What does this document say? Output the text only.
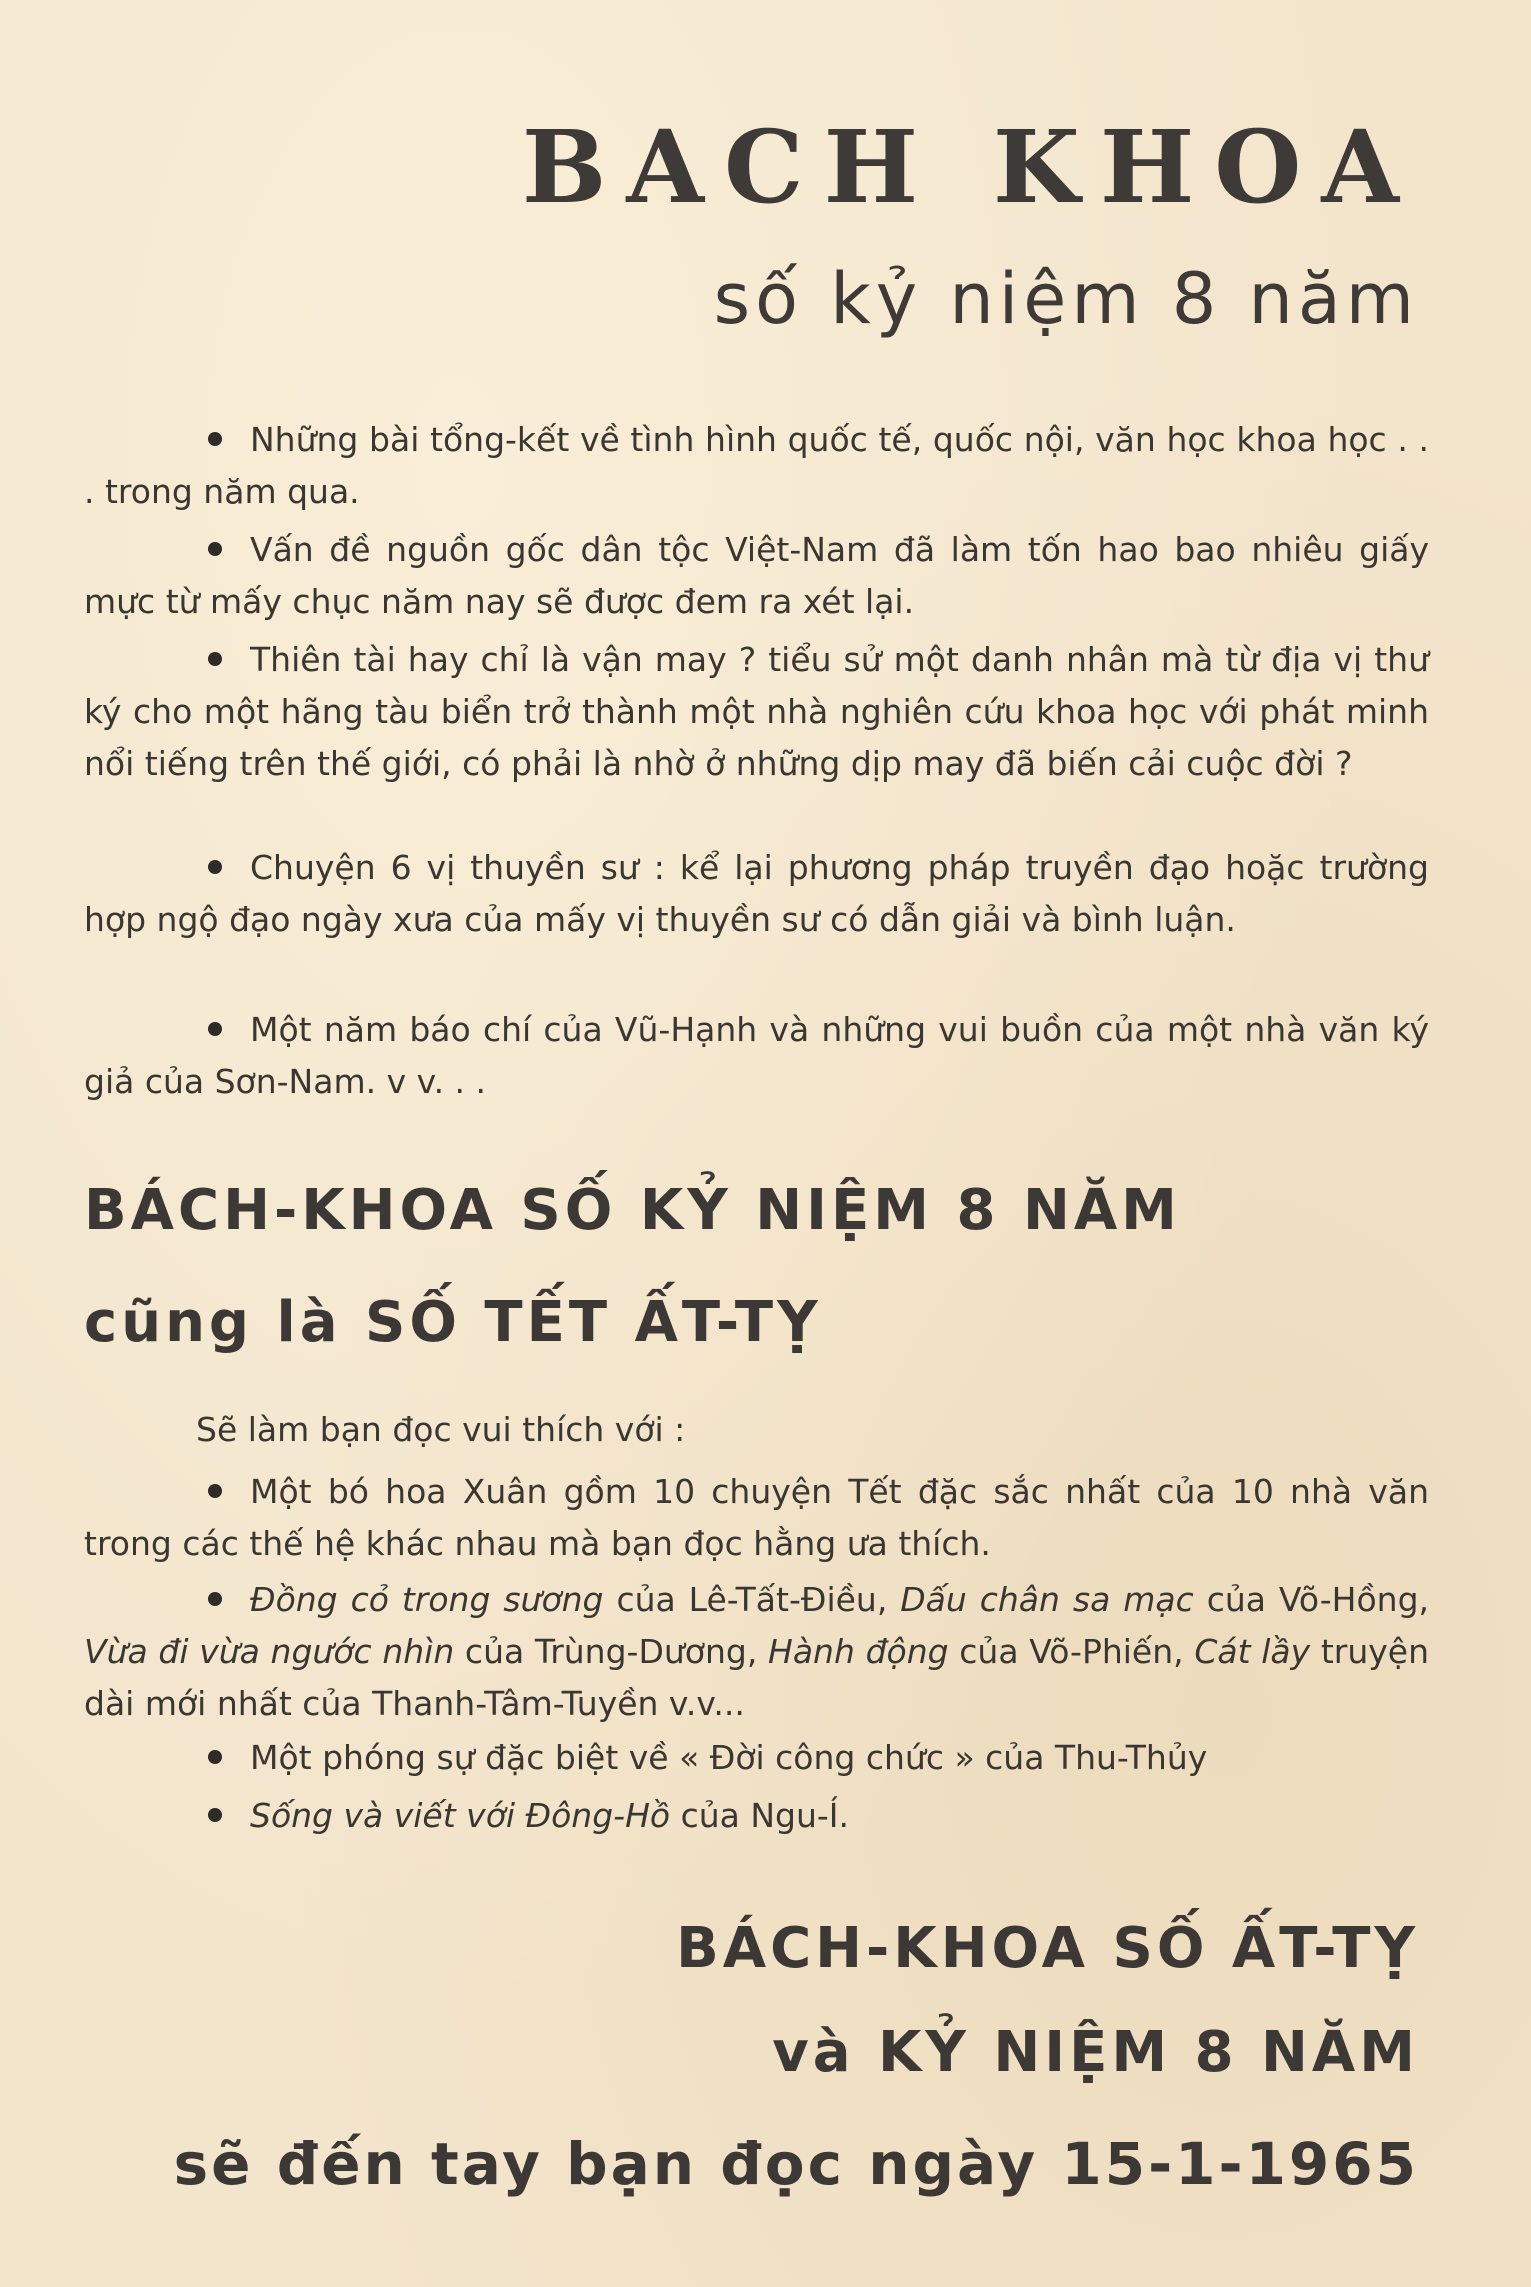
BACH KHOA
số kỷ niệm 8 năm
Những bài tổng-kết về tình hình quốc tế, quốc nội, văn học khoa học . . . trong năm qua.
Vấn đề nguồn gốc dân tộc Việt-Nam đã làm tốn hao bao nhiêu giấy mực từ mấy chục năm nay sẽ được đem ra xét lại.
Thiên tài hay chỉ là vận may ? tiểu sử một danh nhân mà từ địa vị thư ký cho một hãng tàu biển trở thành một nhà nghiên cứu khoa học với phát minh nổi tiếng trên thế giới, có phải là nhờ ở những dịp may đã biến cải cuộc đời ?
Chuyện 6 vị thuyền sư : kể lại phương pháp truyền đạo hoặc trường hợp ngộ đạo ngày xưa của mấy vị thuyền sư có dẫn giải và bình luận.
Một năm báo chí của Vũ-Hạnh và những vui buồn của một nhà văn ký giả của Sơn-Nam. v v. . .
BÁCH-KHOA SỐ KỶ NIỆM 8 NĂM
cũng là SỐ TẾT ẤT-TỴ
Sẽ làm bạn đọc vui thích với :
Một bó hoa Xuân gồm 10 chuyện Tết đặc sắc nhất của 10 nhà văn trong các thế hệ khác nhau mà bạn đọc hằng ưa thích.
Đồng cỏ trong sương của Lê-Tất-Điều, Dấu chân sa mạc của Võ-Hồng, Vừa đi vừa ngước nhìn của Trùng-Dương, Hành động của Võ-Phiến, Cát lầy truyện dài mới nhất của Thanh-Tâm-Tuyền v.v...
Một phóng sự đặc biệt về « Đời công chức » của Thu-Thủy
Sống và viết với Đông-Hồ của Ngu-Í.
BÁCH-KHOA SỐ ẤT-TỴ
và KỶ NIỆM 8 NĂM
sẽ đến tay bạn đọc ngày 15-1-1965
